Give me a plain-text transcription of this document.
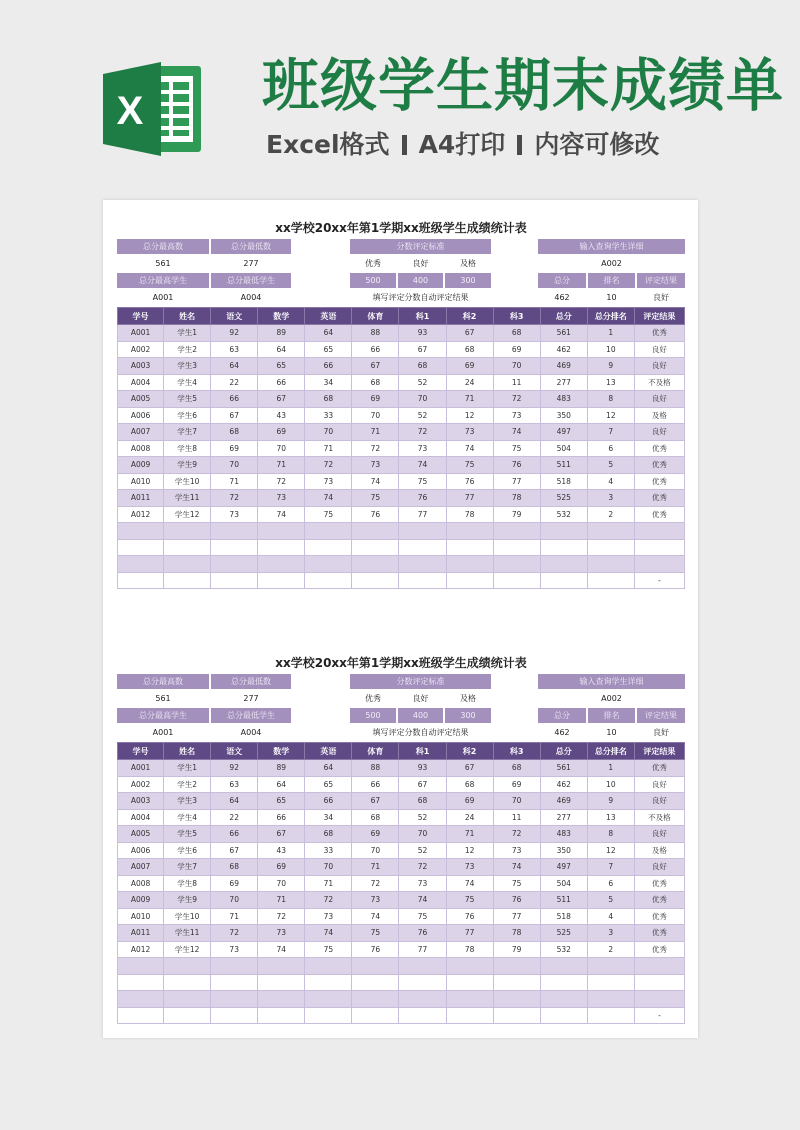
X 班级学生期末成绩单
Excel格式 A4打印 内容可修改
xx学校20xx年第1学期xx班级学生成绩统计表
总分最高数	总分最低数
561	277
总分最高学生	总分最低学生
A001	A004
分数评定标准
优秀	良好	及格
500	400	300
填写评定分数自动评定结果
输入查询学生详细
A002
总分	排名	评定结果
462	10	良好
学号	姓名	语文	数学	英语	体育	科1	科2	科3	总分	总分排名	评定结果
A001	学生1	92	89	64	88	93	67	68	561	1	优秀
A002	学生2	63	64	65	66	67	68	69	462	10	良好
A003	学生3	64	65	66	67	68	69	70	469	9	良好
A004	学生4	22	66	34	68	52	24	11	277	13	不及格
A005	学生5	66	67	68	69	70	71	72	483	8	良好
A006	学生6	67	43	33	70	52	12	73	350	12	及格
A007	学生7	68	69	70	71	72	73	74	497	7	良好
A008	学生8	69	70	71	72	73	74	75	504	6	优秀
A009	学生9	70	71	72	73	74	75	76	511	5	优秀
A010	学生10	71	72	73	74	75	76	77	518	4	优秀
A011	学生11	72	73	74	75	76	77	78	525	3	优秀
A012	学生12	73	74	75	76	77	78	79	532	2	优秀

											-
xx学校20xx年第1学期xx班级学生成绩统计表
总分最高数	总分最低数
561	277
总分最高学生	总分最低学生
A001	A004
分数评定标准
优秀	良好	及格
500	400	300
填写评定分数自动评定结果
输入查询学生详细
A002
总分	排名	评定结果
462	10	良好
学号	姓名	语文	数学	英语	体育	科1	科2	科3	总分	总分排名	评定结果
A001	学生1	92	89	64	88	93	67	68	561	1	优秀
A002	学生2	63	64	65	66	67	68	69	462	10	良好
A003	学生3	64	65	66	67	68	69	70	469	9	良好
A004	学生4	22	66	34	68	52	24	11	277	13	不及格
A005	学生5	66	67	68	69	70	71	72	483	8	良好
A006	学生6	67	43	33	70	52	12	73	350	12	及格
A007	学生7	68	69	70	71	72	73	74	497	7	良好
A008	学生8	69	70	71	72	73	74	75	504	6	优秀
A009	学生9	70	71	72	73	74	75	76	511	5	优秀
A010	学生10	71	72	73	74	75	76	77	518	4	优秀
A011	学生11	72	73	74	75	76	77	78	525	3	优秀
A012	学生12	73	74	75	76	77	78	79	532	2	优秀

											-
